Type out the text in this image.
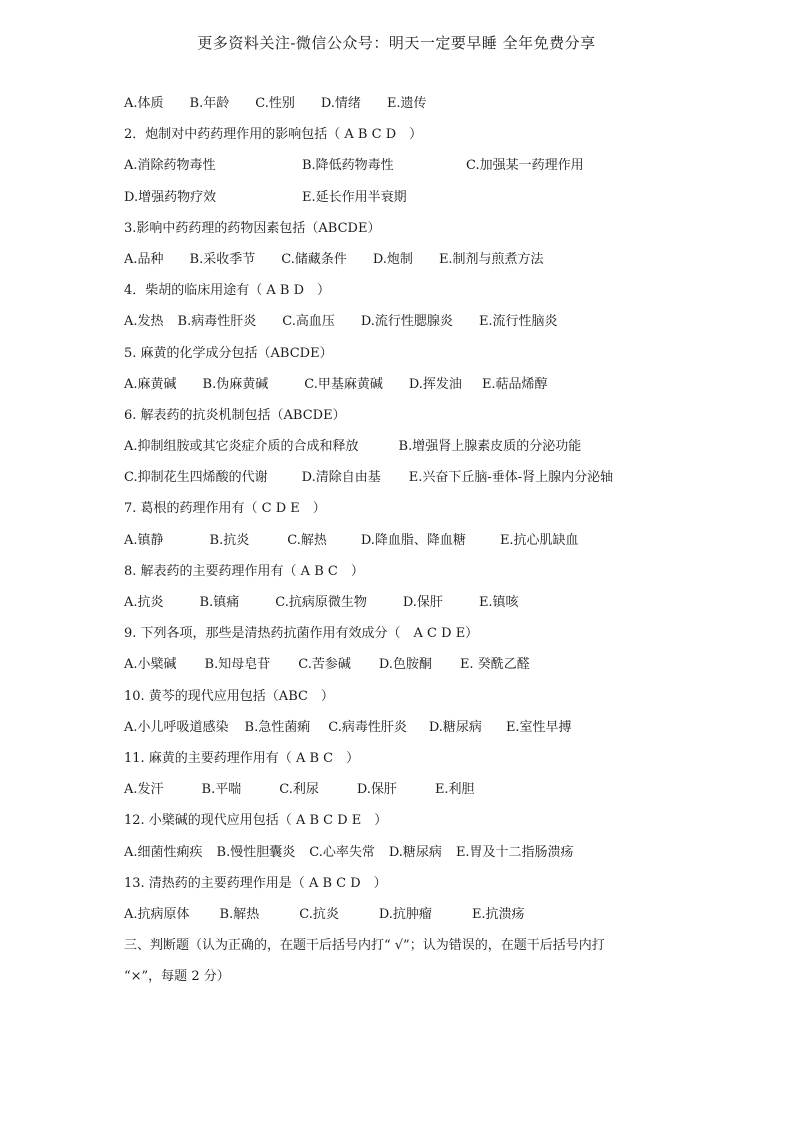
更多资料关注-微信公众号：明天一定要早睡 全年免费分享
A.体质 B.年龄 C.性别 D.情绪 E.遗传
2．炮制对中药药理作用的影响包括（ A B C D　）
A.消除药物毒性	B.降低药物毒性	C.加强某一药理作用
D.增强药物疗效	E.延长作用半衰期
3.影响中药药理的药物因素包括（ABCDE）
A.品种 B.采收季节 C.储藏条件 D.炮制 E.制剂与煎煮方法
4．柴胡的临床用途有（ A B D　）
A.发热 B.病毒性肝炎 C.高血压 D.流行性腮腺炎 E.流行性脑炎
5. 麻黄的化学成分包括（ABCDE）
A.麻黄碱 B.伪麻黄碱	C.甲基麻黄碱 D.挥发油 E.萜品烯醇
6. 解表药的抗炎机制包括（ABCDE）
A.抑制组胺或其它炎症介质的合成和释放	B.增强肾上腺素皮质的分泌功能
C.抑制花生四烯酸的代谢	D.清除自由基 E.兴奋下丘脑-垂体-肾上腺内分泌轴
7. 葛根的药理作用有（ C D E　）
A.镇静	B.抗炎	C.解热	D.降血脂、降血糖	E.抗心肌缺血
8. 解表药的主要药理作用有（ A B C　）
A.抗炎	B.镇痛	C.抗病原微生物	D.保肝	E.镇咳
9. 下列各项，那些是清热药抗菌作用有效成分（　A C D E）
A.小檗碱 B.知母皂苷 C.苦参碱 D.色胺酮 E. 癸酰乙醛
10. 黄芩的现代应用包括（ABC　）
A.小儿呼吸道感染 B.急性菌痢 C.病毒性肝炎 D.糖尿病 E.室性早搏
11. 麻黄的主要药理作用有（ A B C　）
A.发汗	B.平喘	C.利尿	D.保肝	E.利胆
12. 小檗碱的现代应用包括（ A B C D E　）
A.细菌性痢疾 B.慢性胆囊炎 C.心率失常 D.糖尿病 E.胃及十二指肠溃疡
13. 清热药的主要药理作用是（ A B C D　）
A.抗病原体 B.解热	C.抗炎	D.抗肿瘤	E.抗溃疡
三、判断题（认为正确的，在题干后括号内打“ √”；认为错误的，在题干后括号内打
“×”，每题 2 分）
